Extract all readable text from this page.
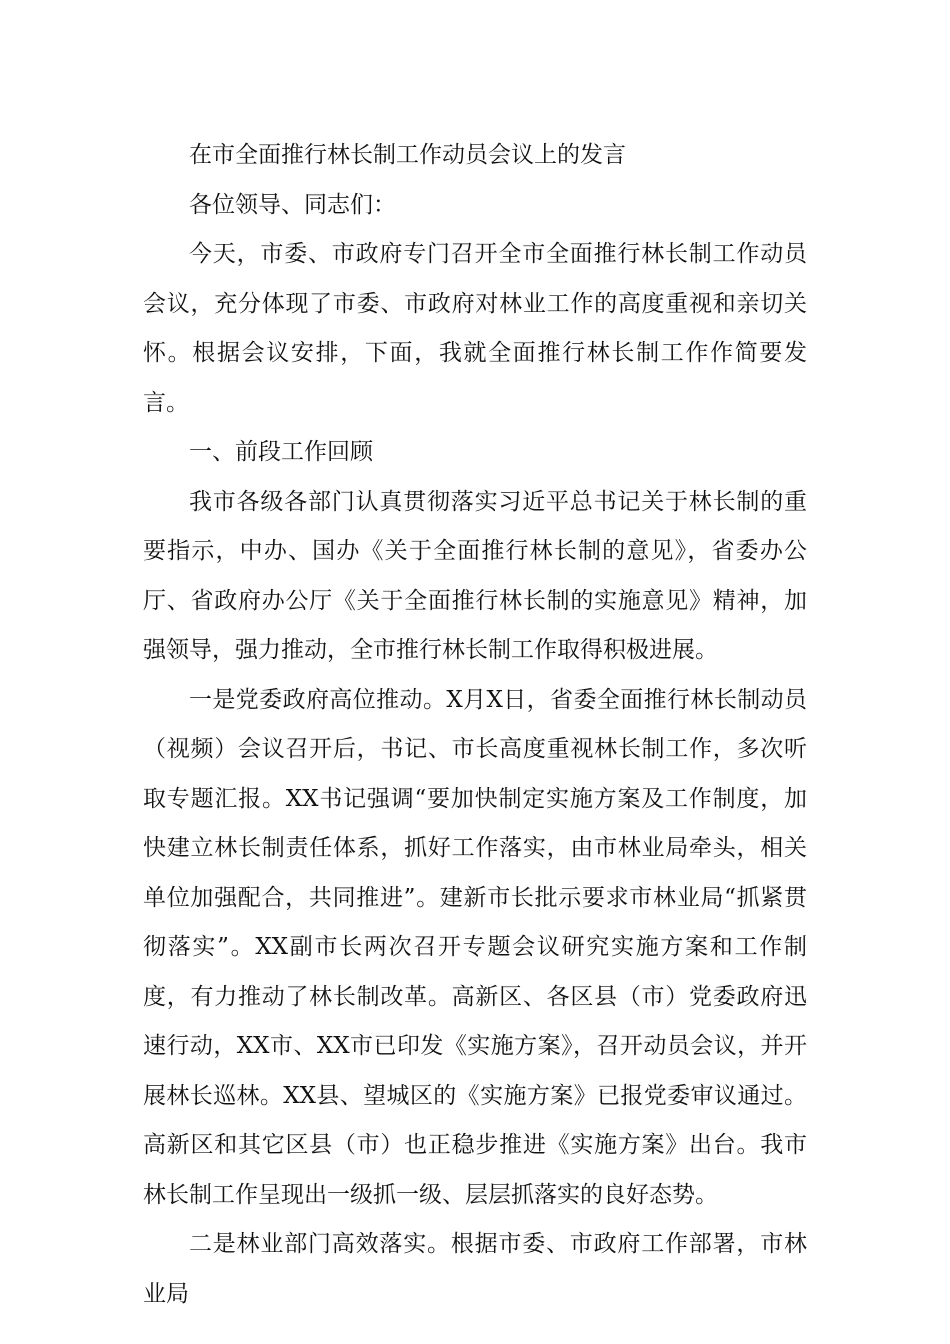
在市全面推行林长制工作动员会议上的发言

各位领导、同志们：

今天，市委、市政府专门召开全市全面推行林长制工作动员会议，充分体现了市委、市政府对林业工作的高度重视和亲切关怀。根据会议安排，下面，我就全面推行林长制工作作简要发言。

一、前段工作回顾

我市各级各部门认真贯彻落实习近平总书记关于林长制的重要指示，中办、国办《关于全面推行林长制的意见》，省委办公厅、省政府办公厅《关于全面推行林长制的实施意见》精神，加强领导，强力推动，全市推行林长制工作取得积极进展。

一是党委政府高位推动。X月X日，省委全面推行林长制动员（视频）会议召开后，书记、市长高度重视林长制工作，多次听取专题汇报。XX书记强调“要加快制定实施方案及工作制度，加快建立林长制责任体系，抓好工作落实，由市林业局牵头，相关单位加强配合，共同推进”。建新市长批示要求市林业局“抓紧贯彻落实”。XX副市长两次召开专题会议研究实施方案和工作制度，有力推动了林长制改革。高新区、各区县（市）党委政府迅速行动，XX市、XX市已印发《实施方案》，召开动员会议，并开展林长巡林。XX县、望城区的《实施方案》已报党委审议通过。高新区和其它区县（市）也正稳步推进《实施方案》出台。我市林长制工作呈现出一级抓一级、层层抓落实的良好态势。

二是林业部门高效落实。根据市委、市政府工作部署，市林业局
